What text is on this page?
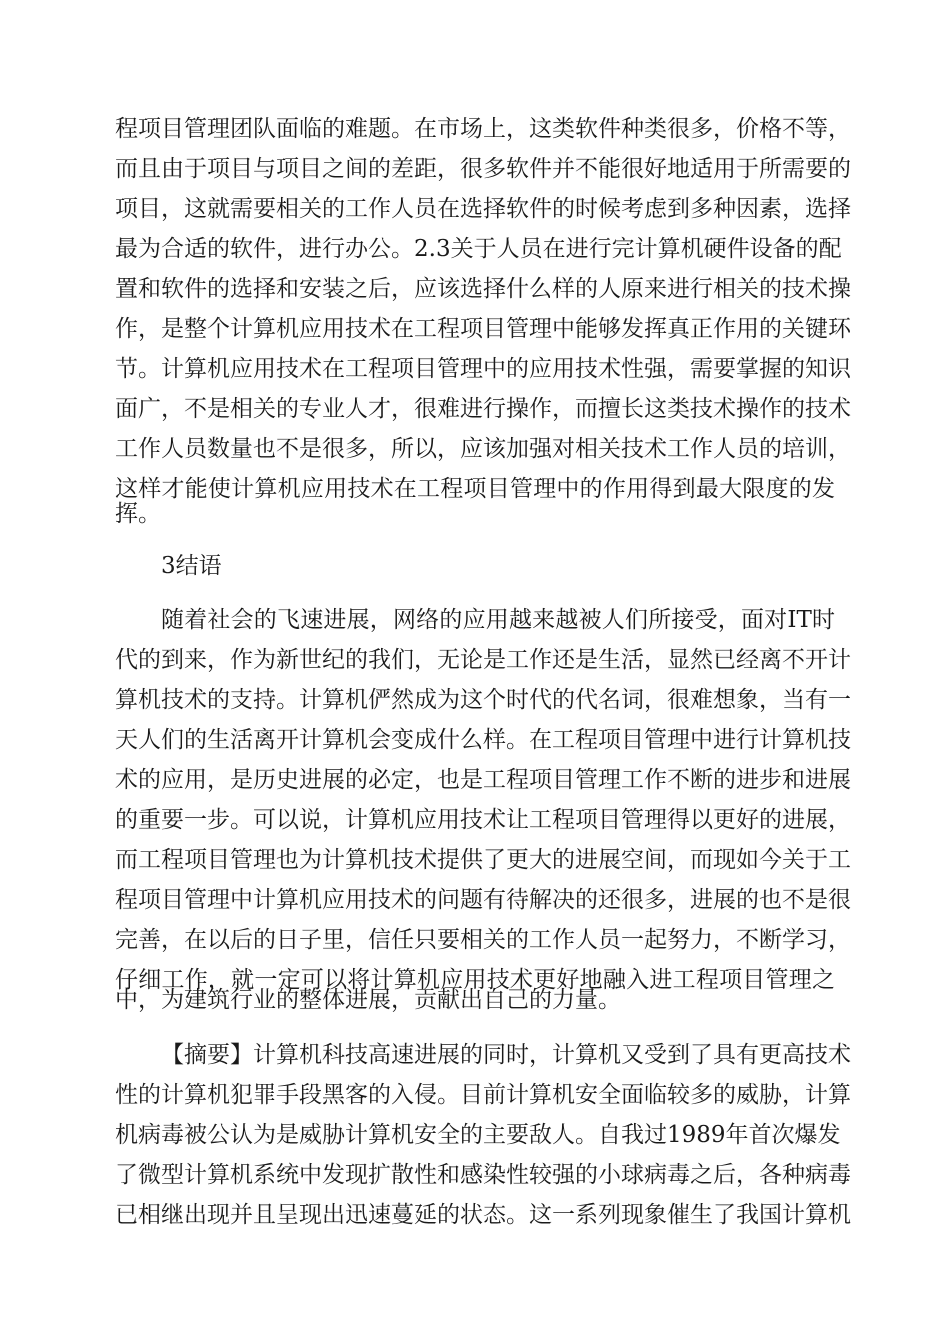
程项目管理团队面临的难题。在市场上，这类软件种类很多，价格不等，
而且由于项目与项目之间的差距，很多软件并不能很好地适用于所需要的
项目，这就需要相关的工作人员在选择软件的时候考虑到多种因素，选择
最为合适的软件，进行办公。2.3关于人员在进行完计算机硬件设备的配
置和软件的选择和安装之后，应该选择什么样的人原来进行相关的技术操
作，是整个计算机应用技术在工程项目管理中能够发挥真正作用的关键环
节。计算机应用技术在工程项目管理中的应用技术性强，需要掌握的知识
面广，不是相关的专业人才，很难进行操作，而擅长这类技术操作的技术
工作人员数量也不是很多，所以，应该加强对相关技术工作人员的培训，
这样才能使计算机应用技术在工程项目管理中的作用得到最大限度的发
挥。
3结语
随着社会的飞速进展，网络的应用越来越被人们所接受，面对IT时
代的到来，作为新世纪的我们，无论是工作还是生活，显然已经离不开计
算机技术的支持。计算机俨然成为这个时代的代名词，很难想象，当有一
天人们的生活离开计算机会变成什么样。在工程项目管理中进行计算机技
术的应用，是历史进展的必定，也是工程项目管理工作不断的进步和进展
的重要一步。可以说，计算机应用技术让工程项目管理得以更好的进展，
而工程项目管理也为计算机技术提供了更大的进展空间，而现如今关于工
程项目管理中计算机应用技术的问题有待解决的还很多，进展的也不是很
完善，在以后的日子里，信任只要相关的工作人员一起努力，不断学习，
仔细工作，就一定可以将计算机应用技术更好地融入进工程项目管理之
中，为建筑行业的整体进展，贡献出自己的力量。
【摘要】计算机科技高速进展的同时，计算机又受到了具有更高技术
性的计算机犯罪手段黑客的入侵。目前计算机安全面临较多的威胁，计算
机病毒被公认为是威胁计算机安全的主要敌人。自我过1989年首次爆发
了微型计算机系统中发现扩散性和感染性较强的小球病毒之后，各种病毒
已相继出现并且呈现出迅速蔓延的状态。这一系列现象催生了我国计算机
